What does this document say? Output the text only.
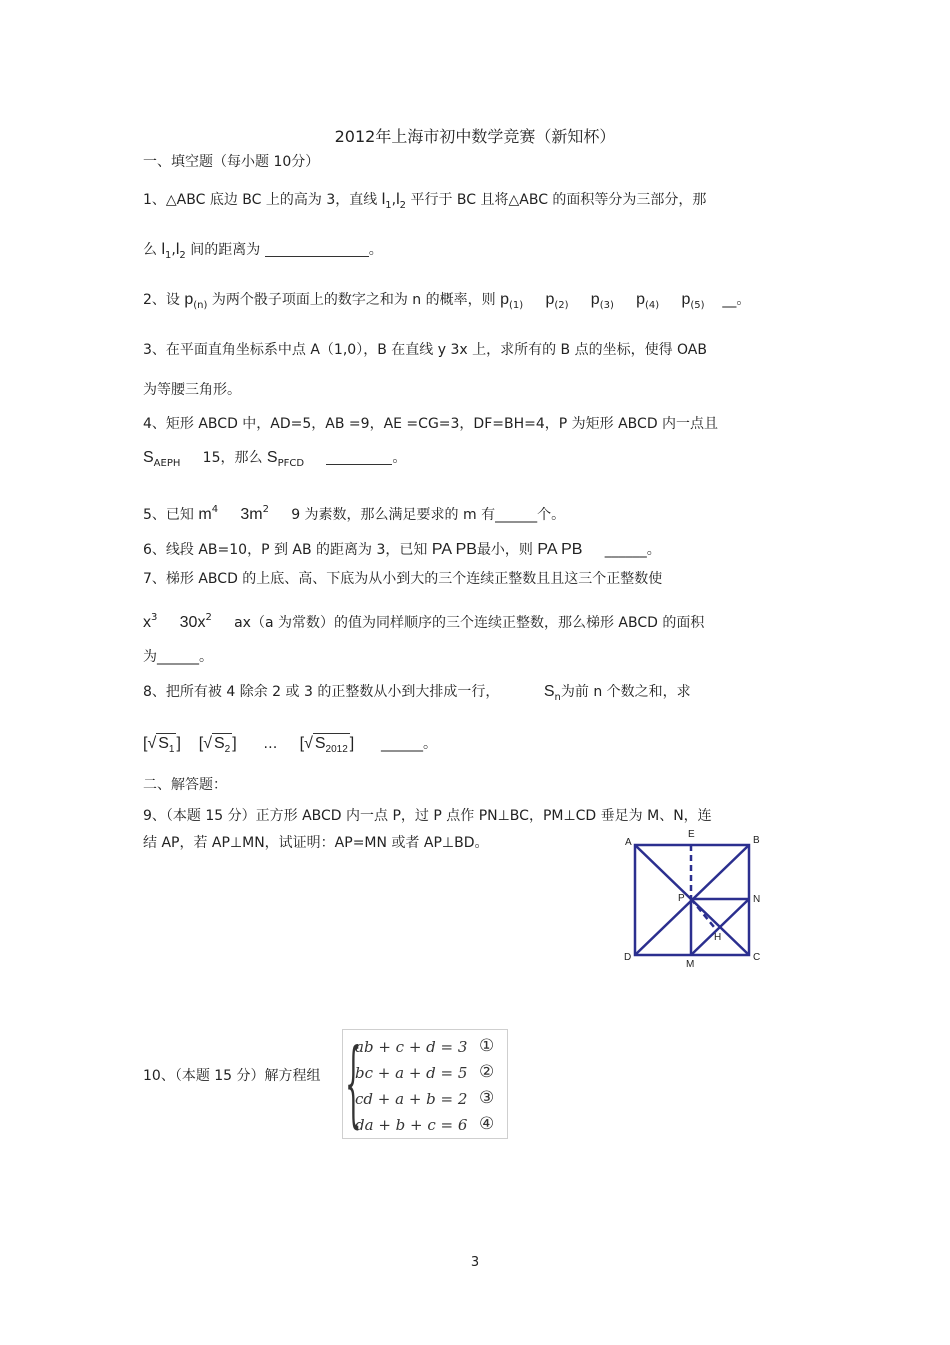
2012年上海市初中数学竞赛（新知杯）
一、填空题（每小题 10分）
1、△ABC 底边 BC 上的高为 3，直线 $l_1,l_2$ 平行于 BC 且将△ABC 的面积等分为三部分，那
么 $l_1,l_2$ 间的距离为	。
2、设 $p_{(n)}$ 为两个骰子项面上的数字之和为 n 的概率，则 $p_{(1)}$ $p_{(2)}$ $p_{(3)}$ $p_{(4)}$ $p_{(5)}$ __。
3、在平面直角坐标系中点 A（1,0），B 在直线 y 3x 上，求所有的 B 点的坐标，使得 OAB
为等腰三角形。
4、矩形 ABCD 中，AD=5，AB =9，AE =CG=3，DF=BH=4，P 为矩形 ABCD 内一点且
$S_{AEPH}$ 15，那么 $S_{PFCD}$	。
5、已知 $m^4$ $3m^2$ 9 为素数，那么满足要求的 m 有______个。
6、线段 AB=10，P 到 AB 的距离为 3，已知 PA PB最小，则 PA PB ______。
7、梯形 ABCD 的上底、高、下底为从小到大的三个连续正整数且且这三个正整数使
$x^3$ $30x^2$ ax（a 为常数）的值为同样顺序的三个连续正整数，那么梯形 ABCD 的面积
为______。
8、把所有被 4 除余 2 或 3 的正整数从小到大排成一行，	$S_n$为前 n 个数之和，求
[√ $S_1$ ] [√ $S_2$ ] … [√ $S_{2012}$ ] ______。
二、解答题：
9、（本题 15 分）正方形 ABCD 内一点 P，过 P 点作 PN⊥BC，PM⊥CD 垂足为 M、N，连
结 AP，若 AP⊥MN，试证明：AP=MN 或者 AP⊥BD。	A
E
B
P	N
H
D
M
C
10、（本题 15 分）解方程组 {
ab + c + d = 3
bc + a + d = 5
cd + a + b = 2
da + b + c = 6
①
②
③
④
3
